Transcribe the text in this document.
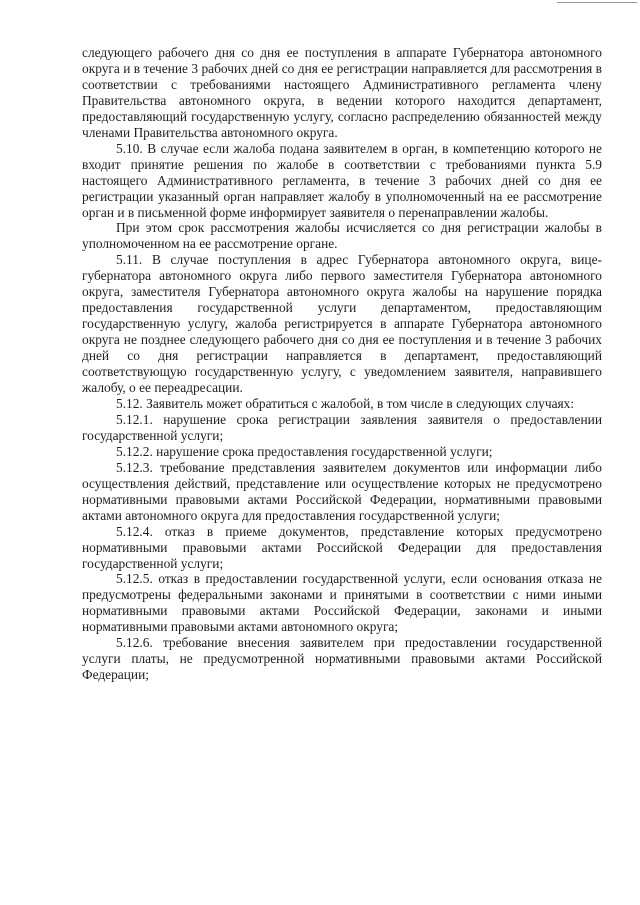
следующего рабочего дня со дня ее поступления в аппарате Губернатора автономного округа и в течение 3 рабочих дней со дня ее регистрации направляется для рассмотрения в соответствии с требованиями настоящего Административного регламента члену Правительства автономного округа, в ведении которого находится департамент, предоставляющий государственную услугу, согласно распределению обязанностей между членами Правительства автономного округа.

5.10. В случае если жалоба подана заявителем в орган, в компетенцию которого не входит принятие решения по жалобе в соответствии с требованиями пункта 5.9 настоящего Административного регламента, в течение 3 рабочих дней со дня ее регистрации указанный орган направляет жалобу в уполномоченный на ее рассмотрение орган и в письменной форме информирует заявителя о перенаправлении жалобы.

При этом срок рассмотрения жалобы исчисляется со дня регистрации жалобы в уполномоченном на ее рассмотрение органе.

5.11. В случае поступления в адрес Губернатора автономного округа, вице-губернатора автономного округа либо первого заместителя Губернатора автономного округа, заместителя Губернатора автономного округа жалобы на нарушение порядка предоставления государственной услуги департаментом, предоставляющим государственную услугу, жалоба регистрируется в аппарате Губернатора автономного округа не позднее следующего рабочего дня со дня ее поступления и в течение 3 рабочих дней со дня регистрации направляется в департамент, предоставляющий соответствующую государственную услугу, с уведомлением заявителя, направившего жалобу, о ее переадресации.

5.12. Заявитель может обратиться с жалобой, в том числе в следующих случаях:

5.12.1. нарушение срока регистрации заявления заявителя о предоставлении государственной услуги;

5.12.2. нарушение срока предоставления государственной услуги;

5.12.3. требование представления заявителем документов или информации либо осуществления действий, представление или осуществление которых не предусмотрено нормативными правовыми актами Российской Федерации, нормативными правовыми актами автономного округа для предоставления государственной услуги;

5.12.4. отказ в приеме документов, представление которых предусмотрено нормативными правовыми актами Российской Федерации для предоставления государственной услуги;

5.12.5. отказ в предоставлении государственной услуги, если основания отказа не предусмотрены федеральными законами и принятыми в соответствии с ними иными нормативными правовыми актами Российской Федерации, законами и иными нормативными правовыми актами автономного округа;

5.12.6. требование внесения заявителем при предоставлении государственной услуги платы, не предусмотренной нормативными правовыми актами Российской Федерации;
